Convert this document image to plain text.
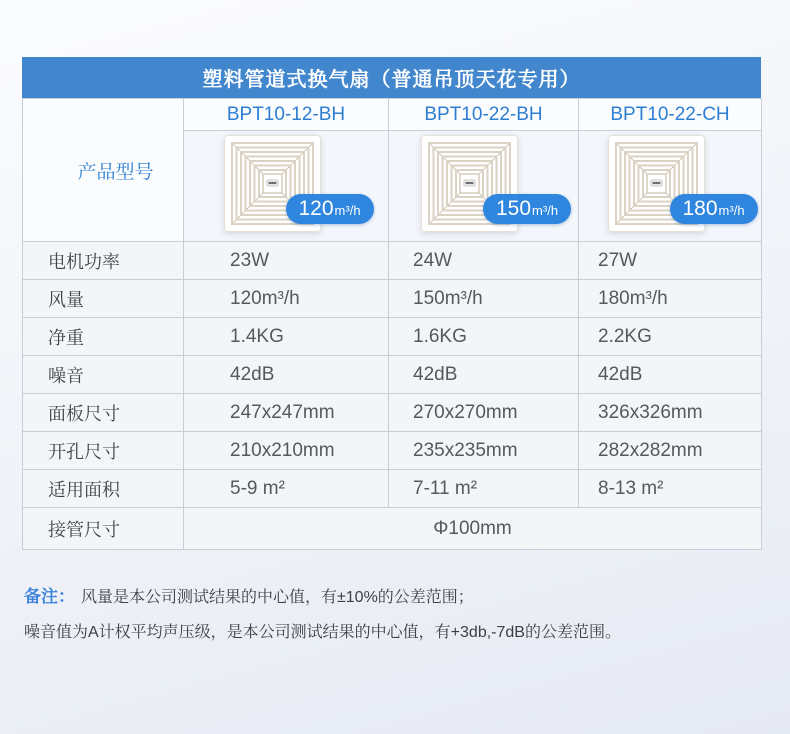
塑料管道式换气扇（普通吊顶天花专用）
产品型号	BPT10-12-BH	BPT10-22-BH	BPT10-22-CH

	120 m³/h	150 m³/h	180 m³/h

电机功率	23W	24W	27W
风量	120m³/h	150m³/h	180m³/h
净重	1.4KG	1.6KG	2.2KG
噪音	42dB	42dB	42dB
面板尺寸	247x247mm	270x270mm	326x326mm
开孔尺寸	210x210mm	235x235mm	282x282mm
适用面积	5-9 m²	7-11 m²	8-13 m²
接管尺寸	Φ100mm		
备注： 风量是本公司测试结果的中心值，有±10%的公差范围；
噪音值为A计权平均声压级，是本公司测试结果的中心值，有+3db,-7dB的公差范围。
